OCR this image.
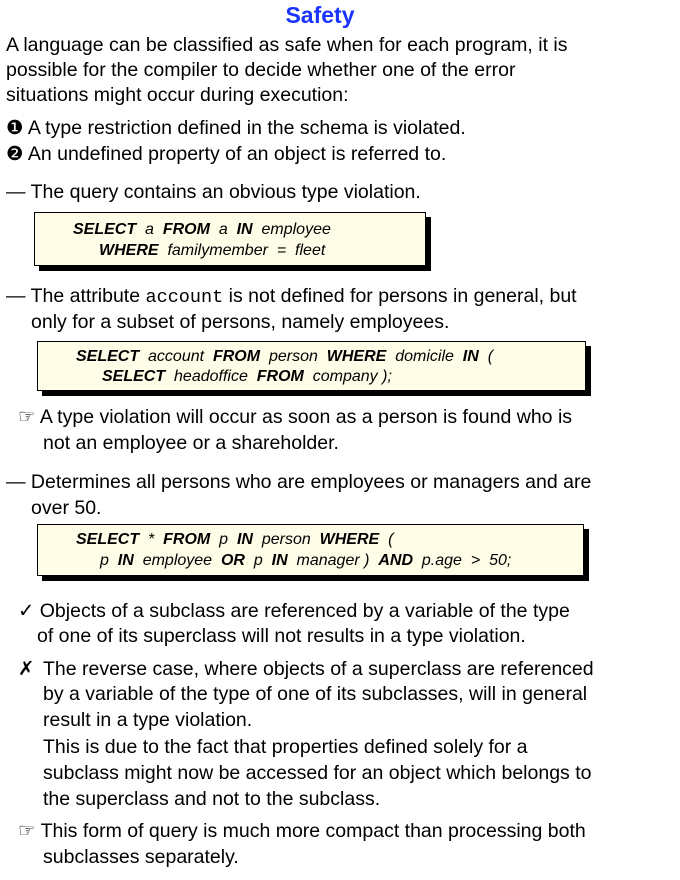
Safety
A language can be classified as safe when for each program, it is
possible for the compiler to decide whether one of the error
situations might occur during execution:
❶ A type restriction defined in the schema is violated.
❷ An undefined property of an object is referred to.
— The query contains an obvious type violation.
SELECT a FROM a IN employee
WHERE familymember = fleet
— The attribute account is not defined for persons in general, but
only for a subset of persons, namely employees.
SELECT account FROM person WHERE domicile IN (
SELECT headoffice FROM company );
☞ A type violation will occur as soon as a person is found who is
not an employee or a shareholder.
— Determines all persons who are employees or managers and are
over 50.
SELECT * FROM p IN person WHERE (
p IN employee OR p IN manager ) AND p.age > 50;
✓ Objects of a subclass are referenced by a variable of the type
of one of its superclass will not results in a type violation.
✗ The reverse case, where objects of a superclass are referenced
by a variable of the type of one of its subclasses, will in general
result in a type violation.
This is due to the fact that properties defined solely for a
subclass might now be accessed for an object which belongs to
the superclass and not to the subclass.
☞ This form of query is much more compact than processing both
subclasses separately.
